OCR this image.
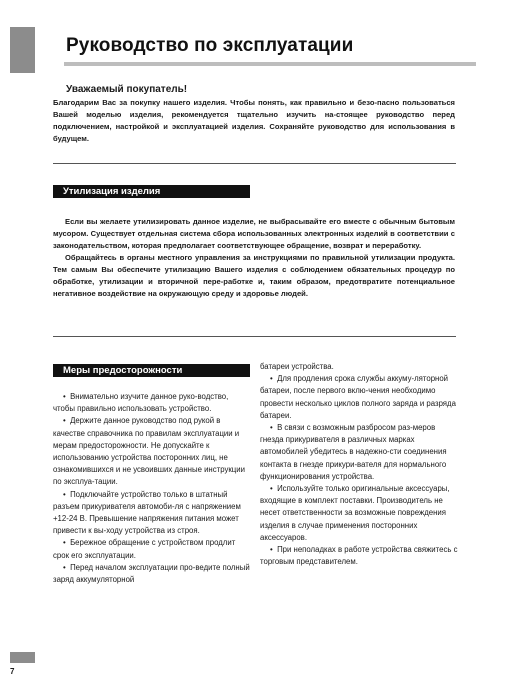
Руководство по эксплуатации
Уважаемый покупатель!

Благодарим Вас за покупку нашего изделия. Чтобы понять, как правильно и безо-пасно пользоваться Вашей моделью изделия, рекомендуется тщательно изучить на-стоящее руководство перед подключением, настройкой и эксплуатацией изделия. Сохраняйте руководство для использования в будущем.

Утилизация изделия

Если вы желаете утилизировать данное изделие, не выбрасывайте его вместе с обычным бытовым мусором. Существует отдельная система сбора использованных электронных изделий в соответствии с законодательством, которая предполагает соответствующее обращение, возврат и переработку.

Обращайтесь в органы местного управления за инструкциями по правильной утилизации продукта. Тем самым Вы обеспечите утилизацию Вашего изделия с соблюдением обязательных процедур по обработке, утилизации и вторичной пере-работке и, таким образом, предотвратите потенциальное негативное воздействие на окружающую среду и здоровье людей.

Меры предосторожности

•  Внимательно изучите данное руко-водство, чтобы правильно использовать устройство.

•  Держите данное руководство под рукой в качестве справочника по правилам эксплуатации и мерам предосторожности. Не допускайте к использованию устройства посторонних лиц, не ознакомившихся и не усвоивших данные инструкции по эксплуа-тации.

•  Подключайте устройство только в штатный разъем прикуривателя автомоби-ля с напряжением +12-24 В. Превышение напряжения питания может привести к вы-ходу устройства из строя.

•  Бережное обращение с устройством продлит срок его эксплуатации.

•  Перед началом эксплуатации про-ведите полный заряд аккумуляторной

батареи устройства.

•  Для продления срока службы аккуму-ляторной батареи, после первого вклю-чения необходимо провести несколько циклов полного заряда и разряда батареи.

•  В связи с возможным разбросом раз-меров гнезда прикуривателя в различных марках автомобилей убедитесь в надежно-сти соединения контакта в гнезде прикури-вателя для нормального функционирования устройства.

•  Используйте только оригинальные аксессуары, входящие в комплект поставки. Производитель не несет ответственности за возможные повреждения изделия в случае применения посторонних аксессуаров.

•  При неполадках в работе устройства свяжитесь с торговым представителем.

7
